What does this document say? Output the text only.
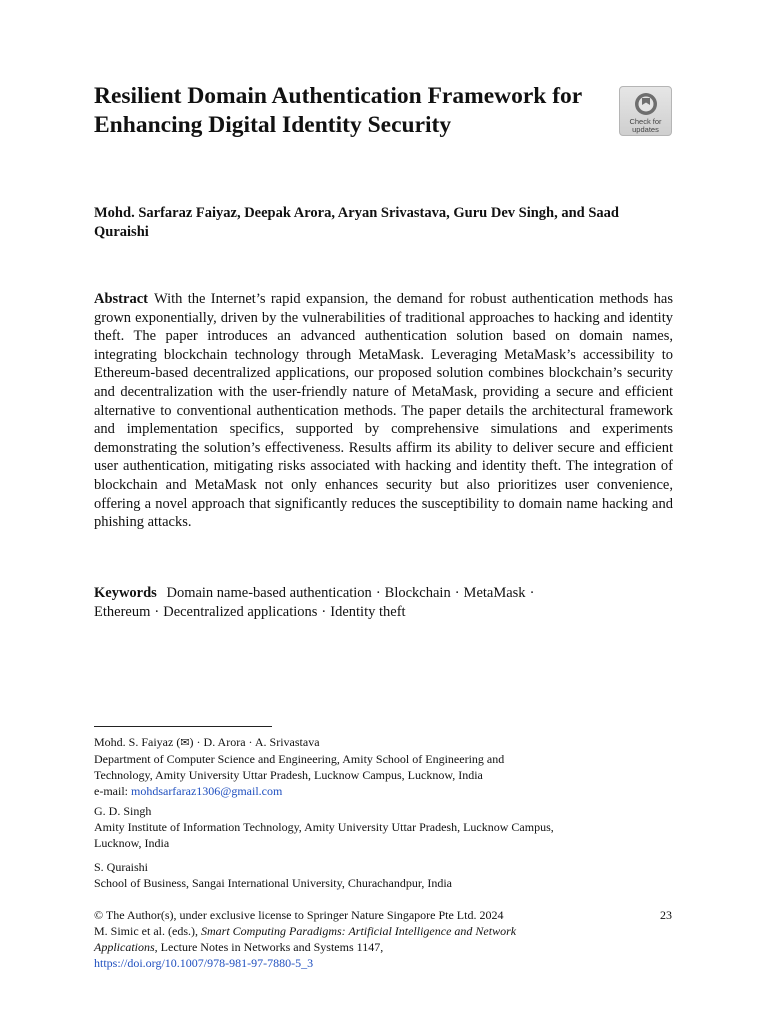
Resilient Domain Authentication Framework for Enhancing Digital Identity Security	Check for
updates

Mohd. Sarfaraz Faiyaz, Deepak Arora, Aryan Srivastava, Guru Dev Singh, and Saad Quraishi

Abstract With the Internet’s rapid expansion, the demand for robust authentication methods has grown exponentially, driven by the vulnerabilities of traditional approaches to hacking and identity theft. The paper introduces an advanced authentication solution based on domain names, integrating blockchain technology through MetaMask. Leveraging MetaMask’s accessibility to Ethereum-based decentralized applications, our proposed solution combines blockchain’s security and decentralization with the user-friendly nature of MetaMask, providing a secure and efficient alternative to conventional authentication methods. The paper details the architectural framework and implementation specifics, supported by comprehensive simulations and experiments demonstrating the solution’s effectiveness. Results affirm its ability to deliver secure and efficient user authentication, mitigating risks associated with hacking and identity theft. The integration of blockchain and MetaMask not only enhances security but also prioritizes user convenience, offering a novel approach that significantly reduces the susceptibility to domain name hacking and phishing attacks.

Keywords Domain name-based authentication · Blockchain · MetaMask ·
Ethereum · Decentralized applications · Identity theft

Mohd. S. Faiyaz (✉) · D. Arora · A. Srivastava
Department of Computer Science and Engineering, Amity School of Engineering and
Technology, Amity University Uttar Pradesh, Lucknow Campus, Lucknow, India
e-mail: mohdsarfaraz1306@gmail.com
G. D. Singh
Amity Institute of Information Technology, Amity University Uttar Pradesh, Lucknow Campus,
Lucknow, India
S. Quraishi
School of Business, Sangai International University, Churachandpur, India
© The Author(s), under exclusive license to Springer Nature Singapore Pte Ltd. 2024
M. Simic et al. (eds.), Smart Computing Paradigms: Artificial Intelligence and Network
Applications, Lecture Notes in Networks and Systems 1147,
https://doi.org/10.1007/978-981-97-7880-5_3
23
